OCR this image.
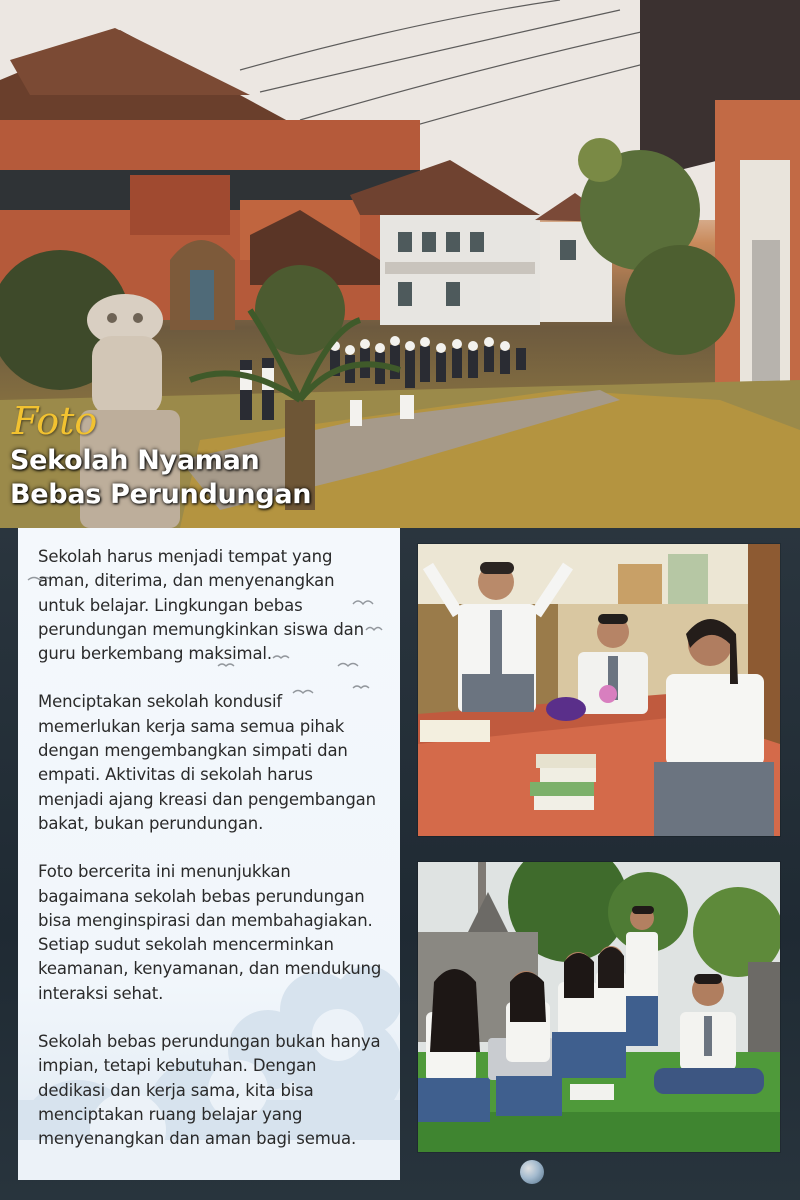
Foto
Sekolah Nyaman
Bebas Perundungan

Sekolah harus menjadi tempat yang aman, diterima, dan menyenangkan untuk belajar. Lingkungan bebas perundungan memungkinkan siswa dan guru berkembang maksimal.

Menciptakan sekolah kondusif memerlukan kerja sama semua pihak dengan mengembangkan simpati dan empati. Aktivitas di sekolah harus menjadi ajang kreasi dan pengembangan bakat, bukan perundungan.

Foto bercerita ini menunjukkan bagaimana sekolah bebas perundungan bisa menginspirasi dan membahagiakan. Setiap sudut sekolah mencerminkan keamanan, kenyamanan, dan mendukung interaksi sehat.

Sekolah bebas perundungan bukan hanya impian, tetapi kebutuhan. Dengan dedikasi dan kerja sama, kita bisa menciptakan ruang belajar yang menyenangkan dan aman bagi semua.
